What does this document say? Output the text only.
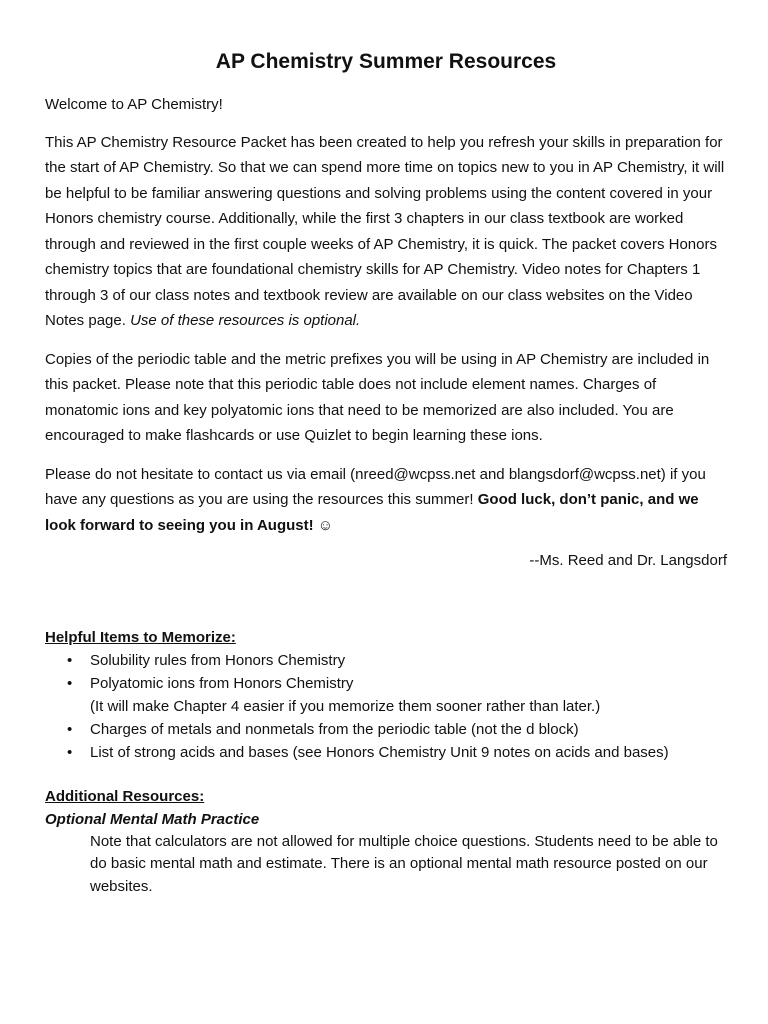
AP Chemistry Summer Resources

Welcome to AP Chemistry!

This AP Chemistry Resource Packet has been created to help you refresh your skills in preparation for the start of AP Chemistry. So that we can spend more time on topics new to you in AP Chemistry, it will be helpful to be familiar answering questions and solving problems using the content covered in your Honors chemistry course. Additionally, while the first 3 chapters in our class textbook are worked through and reviewed in the first couple weeks of AP Chemistry, it is quick. The packet covers Honors chemistry topics that are foundational chemistry skills for AP Chemistry. Video notes for Chapters 1 through 3 of our class notes and textbook review are available on our class websites on the Video Notes page. Use of these resources is optional.

Copies of the periodic table and the metric prefixes you will be using in AP Chemistry are included in this packet. Please note that this periodic table does not include element names. Charges of monatomic ions and key polyatomic ions that need to be memorized are also included. You are encouraged to make flashcards or use Quizlet to begin learning these ions.

Please do not hesitate to contact us via email (nreed@wcpss.net and blangsdorf@wcpss.net) if you have any questions as you are using the resources this summer! Good luck, don’t panic, and we look forward to seeing you in August! ☺

--Ms. Reed and Dr. Langsdorf

Helpful Items to Memorize:
• Solubility rules from Honors Chemistry
• Polyatomic ions from Honors Chemistry
(It will make Chapter 4 easier if you memorize them sooner rather than later.)
• Charges of metals and nonmetals from the periodic table (not the d block)
• List of strong acids and bases (see Honors Chemistry Unit 9 notes on acids and bases)
Additional Resources:
Optional Mental Math Practice
Note that calculators are not allowed for multiple choice questions. Students need to be able to do basic mental math and estimate. There is an optional mental math resource posted on our websites.
